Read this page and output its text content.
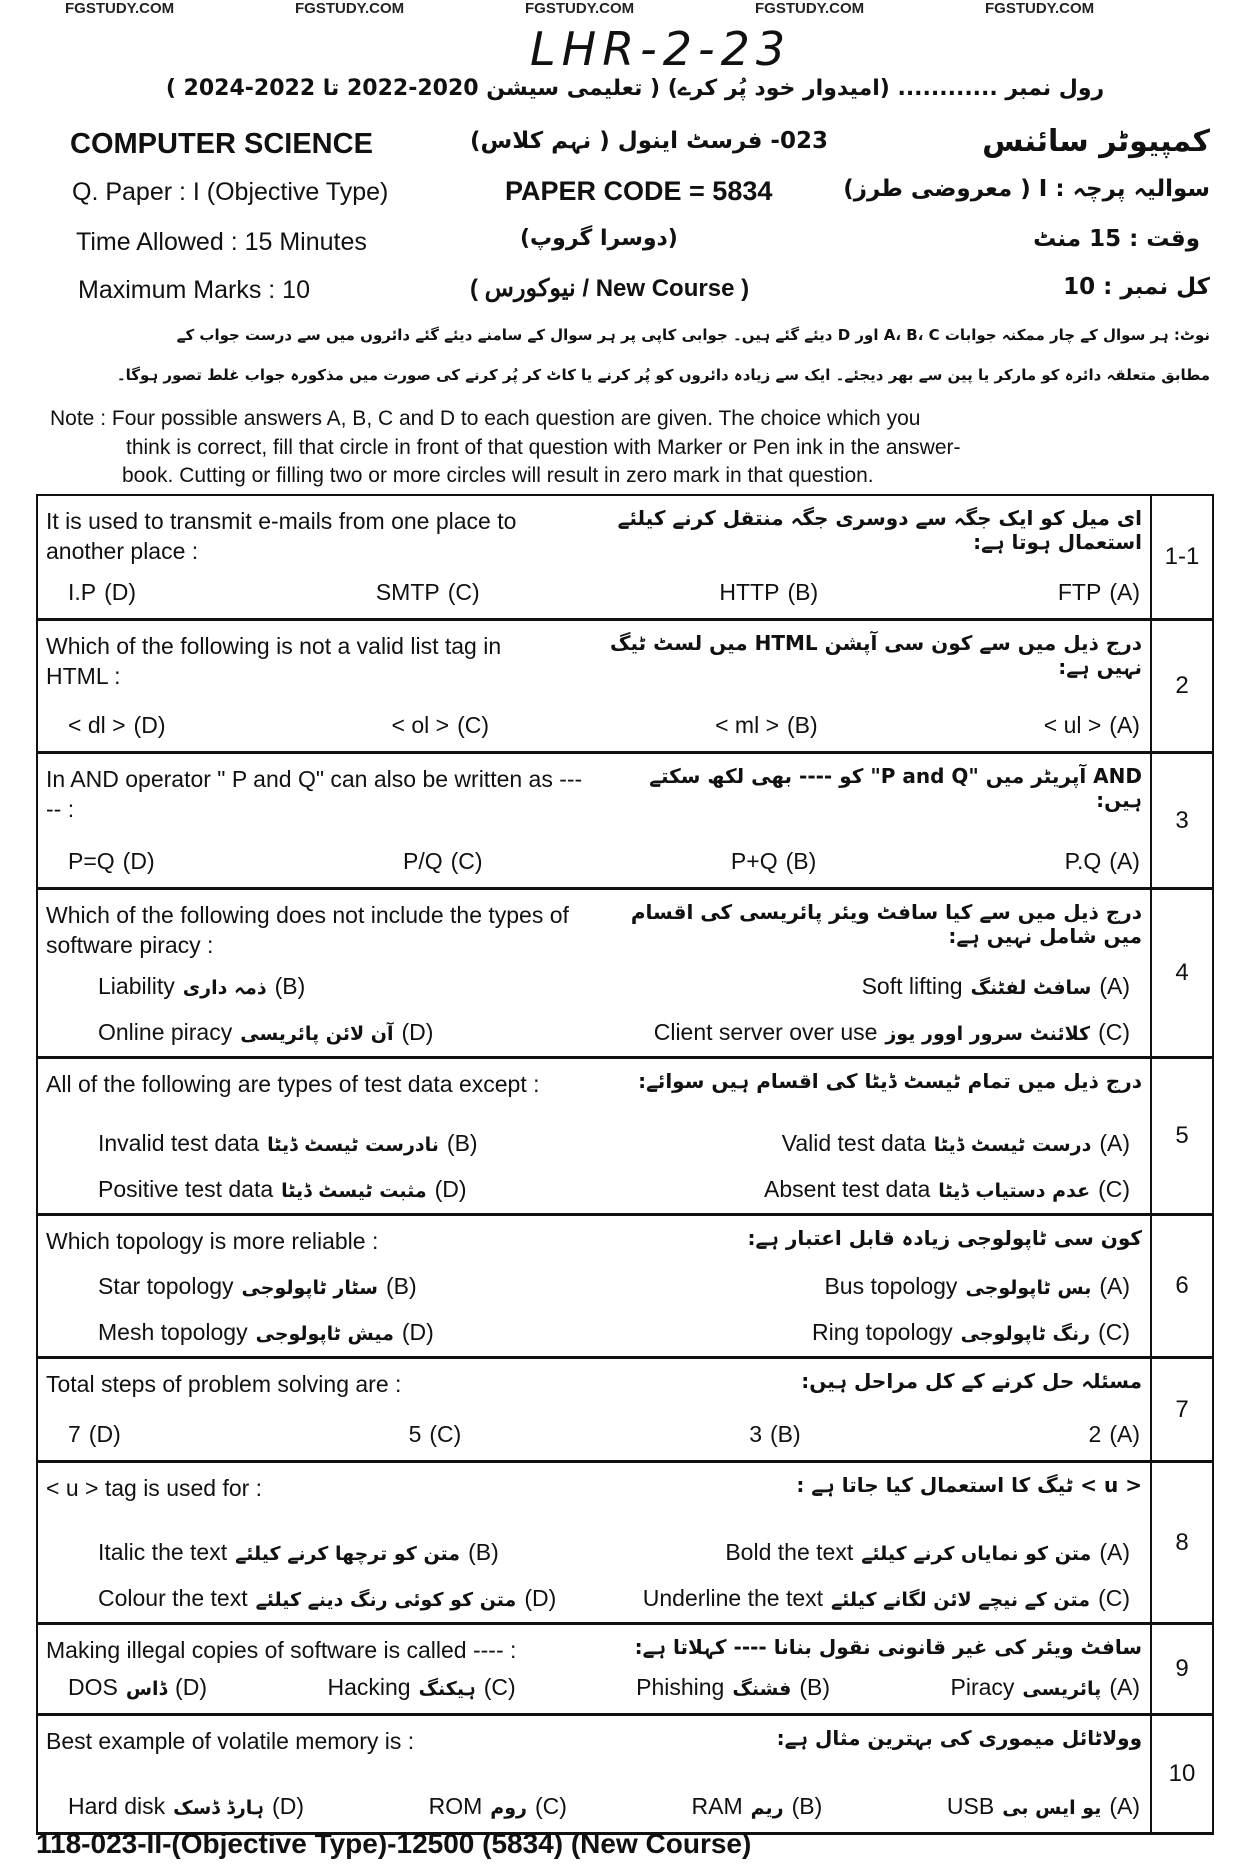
FGSTUDY.COM	FGSTUDY.COM	FGSTUDY.COM	FGSTUDY.COM	FGSTUDY.COM
LHR-2-23
رول نمبر ............ (امیدوار خود پُر کرے) ( تعلیمی سیشن 2020-2022 تا 2022-2024 )
COMPUTER SCIENCE	023- فرسٹ اینول ( نہم کلاس)	کمپیوٹر سائنس
Q. Paper : I (Objective Type)	PAPER CODE = 5834	سوالیہ پرچہ : I ( معروضی طرز)
Time Allowed : 15 Minutes	(دوسرا گروپ)	وقت : 15 منٹ
Maximum Marks : 10	( نیوکورس / New Course )	کل نمبر : 10
نوٹ: ہر سوال کے چار ممکنہ جوابات A، B، C اور D دیئے گئے ہیں۔ جوابی کاپی پر ہر سوال کے سامنے دیئے گئے دائروں میں سے درست جواب کے
مطابق متعلقہ دائرہ کو مارکر یا پین سے بھر دیجئے۔ ایک سے زیادہ دائروں کو پُر کرنے یا کاٹ کر پُر کرنے کی صورت میں مذکورہ جواب غلط تصور ہوگا۔
Note : Four possible answers A, B, C and D to each question are given. The choice which you
think is correct, fill that circle in front of that question with Marker or Pen ink in the answer-
book. Cutting or filling two or more circles will result in zero mark in that question.
1-1
It is used to transmit e-mails from one place to another place :
ای میل کو ایک جگہ سے دوسری جگہ منتقل کرنے کیلئے استعمال ہوتا ہے:
I.P (D)	SMTP (C)	HTTP (B)	FTP (A)
2
Which of the following is not a valid list tag in HTML :
درج ذیل میں سے کون سی آپشن HTML میں لسٹ ٹیگ نہیں ہے:
< dl > (D)	< ol > (C)	< ml > (B)	< ul > (A)
3
In AND operator " P and Q" can also be written as ----- :
AND آپریٹر میں "P and Q" کو ---- بھی لکھ سکتے ہیں:
P=Q (D)	P/Q (C)	P+Q (B)	P.Q (A)
4
Which of the following does not include the types of software piracy :
درج ذیل میں سے کیا سافٹ ویئر پائریسی کی اقسام میں شامل نہیں ہے:
Liability ذمہ داری (B)	Soft lifting سافٹ لفٹنگ (A)
Online piracy آن لائن پائریسی (D)	Client server over use کلائنٹ سرور اوور یوز (C)
5
All of the following are types of test data except :	درج ذیل میں تمام ٹیسٹ ڈیٹا کی اقسام ہیں سوائے:
Invalid test data نادرست ٹیسٹ ڈیٹا (B)	Valid test data درست ٹیسٹ ڈیٹا (A)
Positive test data مثبت ٹیسٹ ڈیٹا (D)	Absent test data عدم دستیاب ڈیٹا (C)
6
Which topology is more reliable :	کون سی ٹاپولوجی زیادہ قابل اعتبار ہے:
Star topology سٹار ٹاپولوجی (B)	Bus topology بس ٹاپولوجی (A)
Mesh topology میش ٹاپولوجی (D)	Ring topology رنگ ٹاپولوجی (C)
7
Total steps of problem solving are :	مسئلہ حل کرنے کے کل مراحل ہیں:
7 (D)	5 (C)	3 (B)	2 (A)
8
< u > tag is used for :	< u > ٹیگ کا استعمال کیا جاتا ہے :
Italic the text متن کو ترچھا کرنے کیلئے (B)	Bold the text متن کو نمایاں کرنے کیلئے (A)
Colour the text متن کو کوئی رنگ دینے کیلئے (D)	Underline the text متن کے نیچے لائن لگانے کیلئے (C)
9
Making illegal copies of software is called ---- :	سافٹ ویئر کی غیر قانونی نقول بنانا ---- کہلاتا ہے:
DOS ڈاس (D)	Hacking ہیکنگ (C)	Phishing فشنگ (B)	Piracy پائریسی (A)
10
Best example of volatile memory is :	وولاٹائل میموری کی بہترین مثال ہے:
Hard disk ہارڈ ڈسک (D)	ROM روم (C)	RAM ریم (B)	USB یو ایس بی (A)
118-023-II-(Objective Type)-12500 (5834) (New Course)
